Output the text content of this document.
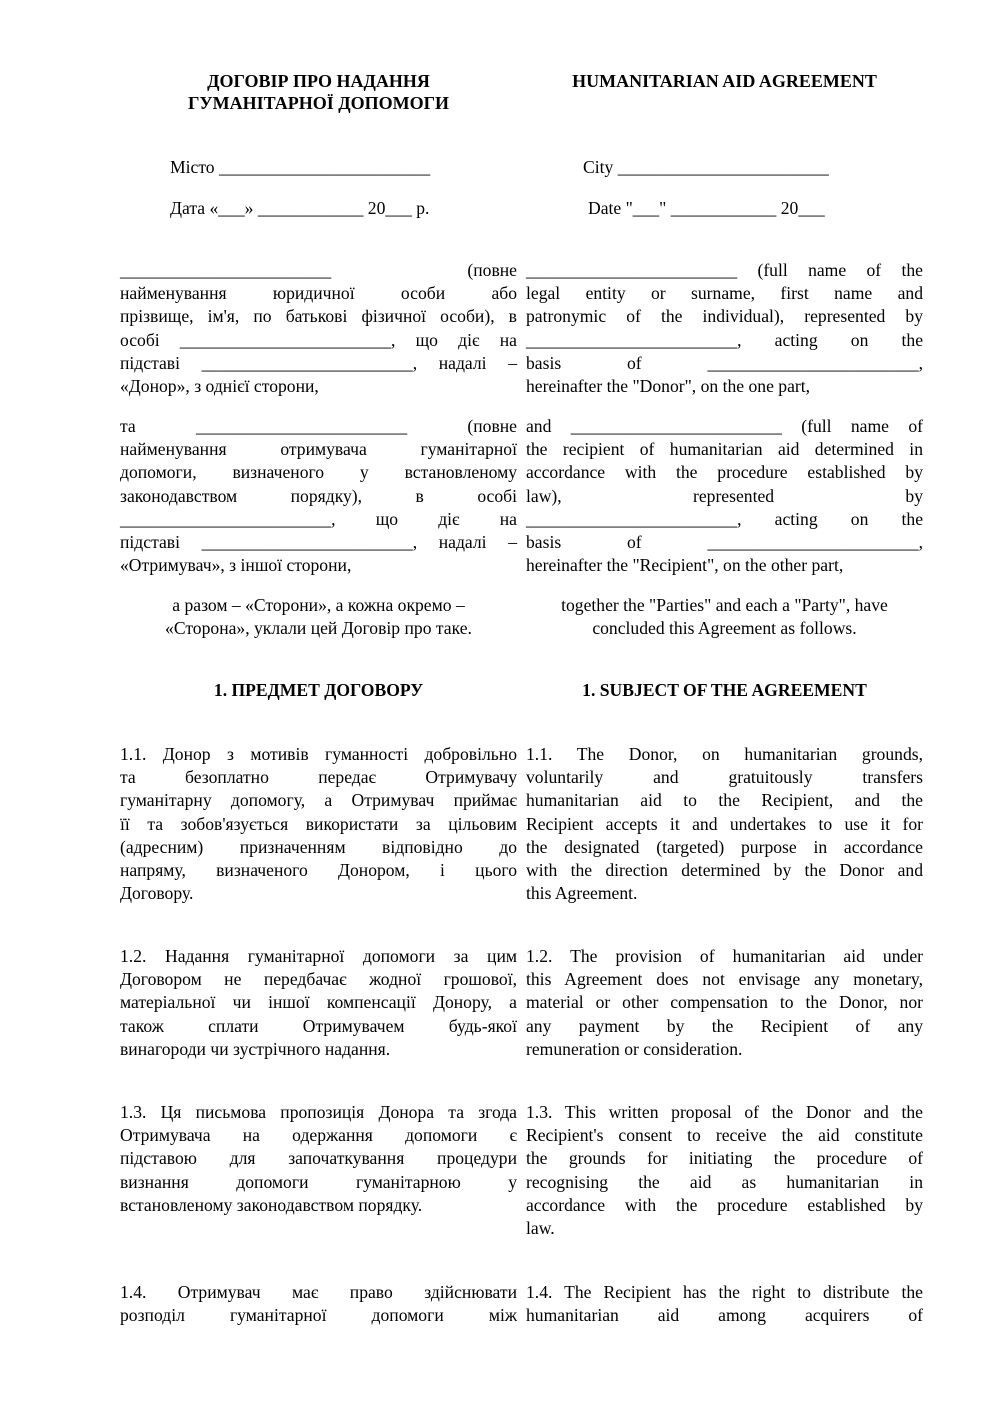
ДОГОВІР ПРО НАДАННЯ
ГУМАНІТАРНОЇ ДОПОМОГИ
HUMANITARIAN AID AGREEMENT
Місто ________________________	City ________________________
Дата «___» ____________ 20___ р.	Date "___" ____________ 20___
________________________ (повне
найменування юридичної особи або
прізвище, ім'я, по батькові фізичної особи), в
особі ________________________, що діє на
підставі ________________________, надалі –
«Донор», з однієї сторони,
________________________ (full name of the
legal entity or surname, first name and
patronymic of the individual), represented by
________________________, acting on the
basis of ________________________,
hereinafter the "Donor", on the one part,
та ________________________ (повне
найменування отримувача гуманітарної
допомоги, визначеного у встановленому
законодавством порядку), в особі
________________________, що діє на
підставі ________________________, надалі –
«Отримувач», з іншої сторони,
and ________________________ (full name of
the recipient of humanitarian aid determined in
accordance with the procedure established by
law), represented by
________________________, acting on the
basis of ________________________,
hereinafter the "Recipient", on the other part,
а разом – «Сторони», а кожна окремо –
«Сторона», уклали цей Договір про таке.
together the "Parties" and each a "Party", have
concluded this Agreement as follows.
1. ПРЕДМЕТ ДОГОВОРУ	1. SUBJECT OF THE AGREEMENT
1.1. Донор з мотивів гуманності добровільно
та безоплатно передає Отримувачу
гуманітарну допомогу, а Отримувач приймає
її та зобов'язується використати за цільовим
(адресним) призначенням відповідно до
напряму, визначеного Донором, і цього
Договору.
1.1. The Donor, on humanitarian grounds,
voluntarily and gratuitously transfers
humanitarian aid to the Recipient, and the
Recipient accepts it and undertakes to use it for
the designated (targeted) purpose in accordance
with the direction determined by the Donor and
this Agreement.
1.2. Надання гуманітарної допомоги за цим
Договором не передбачає жодної грошової,
матеріальної чи іншої компенсації Донору, а
також сплати Отримувачем будь-якої
винагороди чи зустрічного надання.
1.2. The provision of humanitarian aid under
this Agreement does not envisage any monetary,
material or other compensation to the Donor, nor
any payment by the Recipient of any
remuneration or consideration.
1.3. Ця письмова пропозиція Донора та згода
Отримувача на одержання допомоги є
підставою для започаткування процедури
визнання допомоги гуманітарною у
встановленому законодавством порядку.
1.3. This written proposal of the Donor and the
Recipient's consent to receive the aid constitute
the grounds for initiating the procedure of
recognising the aid as humanitarian in
accordance with the procedure established by
law.
1.4. Отримувач має право здійснювати
розподіл гуманітарної допомоги між
1.4. The Recipient has the right to distribute the
humanitarian aid among acquirers of
